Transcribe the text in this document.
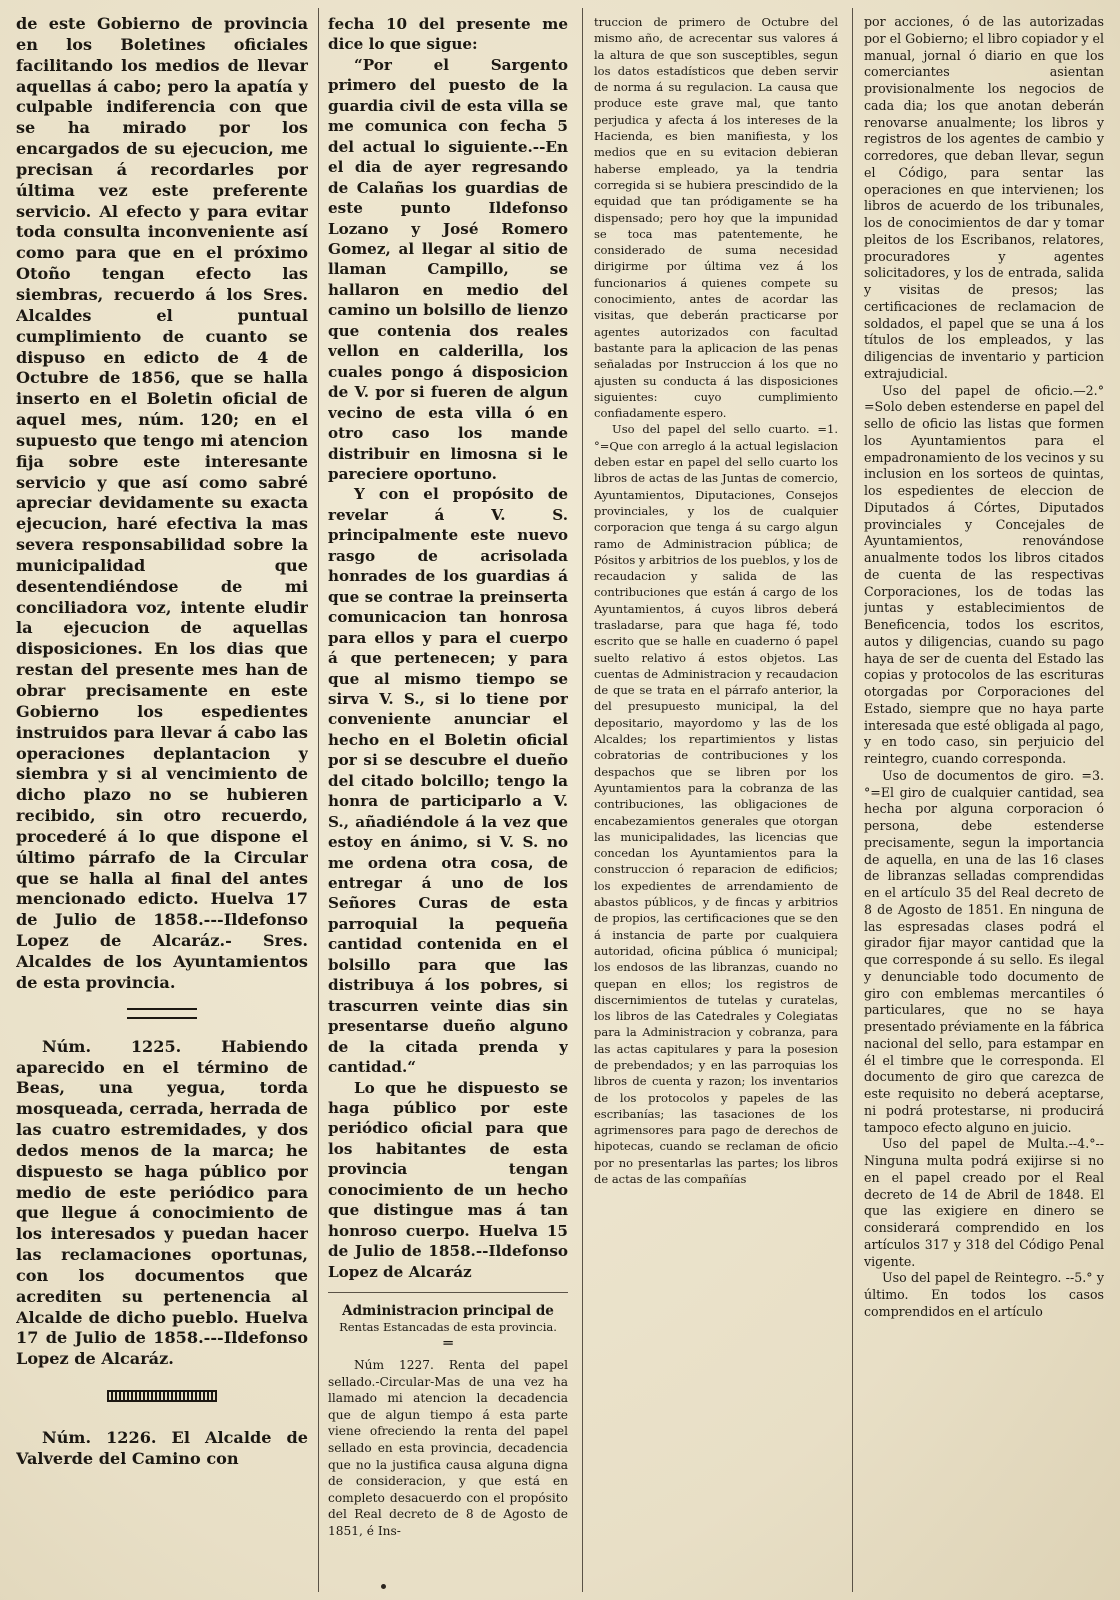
de este Gobierno de provincia en los Boletines oficiales facilitando los medios de llevar aquellas á cabo; pero la apatía y culpable indiferencia con que se ha mirado por los encargados de su ejecucion, me precisan á recordarles por última vez este preferente servicio. Al efecto y para evitar toda consulta inconveniente así como para que en el próximo Otoño tengan efecto las siembras, recuerdo á los Sres. Alcaldes el puntual cumplimiento de cuanto se dispuso en edicto de 4 de Octubre de 1856, que se halla inserto en el Boletin oficial de aquel mes, núm. 120; en el supuesto que tengo mi atencion fija sobre este interesante servicio y que así como sabré apreciar devidamente su exacta ejecucion, haré efectiva la mas severa responsabilidad sobre la municipalidad que desentendiéndose de mi conciliadora voz, intente eludir la ejecucion de aquellas disposiciones. En los dias que restan del presente mes han de obrar precisamente en este Gobierno los espedientes instruidos para llevar á cabo las operaciones deplantacion y siembra y si al vencimiento de dicho plazo no se hubieren recibido, sin otro recuerdo, procederé á lo que dispone el último párrafo de la Circular que se halla al final del antes mencionado edicto. Huelva 17 de Julio de 1858.---Ildefonso Lopez de Alcaráz.- Sres. Alcaldes de los Ayuntamientos de esta provincia.

Núm. 1225. Habiendo aparecido en el término de Beas, una yegua, torda mosqueada, cerrada, herrada de las cuatro estremidades, y dos dedos menos de la marca; he dispuesto se haga público por medio de este periódico para que llegue á conocimiento de los interesados y puedan hacer las reclamaciones oportunas, con los documentos que acrediten su pertenencia al Alcalde de dicho pueblo. Huelva 17 de Julio de 1858.---Ildefonso Lopez de Alcaráz.

Núm. 1226. El Alcalde de Valverde del Camino con

fecha 10 del presente me dice lo que sigue:

“Por el Sargento primero del puesto de la guardia civil de esta villa se me comunica con fecha 5 del actual lo siguiente.--En el dia de ayer regresando de Calañas los guardias de este punto Ildefonso Lozano y José Romero Gomez, al llegar al sitio de llaman Campillo, se hallaron en medio del camino un bolsillo de lienzo que contenia dos reales vellon en calderilla, los cuales pongo á disposicion de V. por si fueren de algun vecino de esta villa ó en otro caso los mande distribuir en limosna si le pareciere oportuno.

Y con el propósito de revelar á V. S. principalmente este nuevo rasgo de acrisolada honrades de los guardias á que se contrae la preinserta comunicacion tan honrosa para ellos y para el cuerpo á que pertenecen; y para que al mismo tiempo se sirva V. S., si lo tiene por conveniente anunciar el hecho en el Boletin oficial por si se descubre el dueño del citado bolcillo; tengo la honra de participarlo a V. S., añadiéndole á la vez que estoy en ánimo, si V. S. no me ordena otra cosa, de entregar á uno de los Señores Curas de esta parroquial la pequeña cantidad contenida en el bolsillo para que las distribuya á los pobres, si trascurren veinte dias sin presentarse dueño alguno de la citada prenda y cantidad.“

Lo que he dispuesto se haga público por este periódico oficial para que los habitantes de esta provincia tengan conocimiento de un hecho que distingue mas á tan honroso cuerpo. Huelva 15 de Julio de 1858.--Ildefonso Lopez de Alcaráz

Administracion principal de
Rentas Estancadas de esta provincia.
═

Núm 1227. Renta del papel sellado.-Circular-Mas de una vez ha llamado mi atencion la decadencia que de algun tiempo á esta parte viene ofreciendo la renta del papel sellado en esta provincia, decadencia que no la justifica causa alguna digna de consideracion, y que está en completo desacuerdo con el propósito del Real decreto de 8 de Agosto de 1851, é Ins-

truccion de primero de Octubre del mismo año, de acrecentar sus valores á la altura de que son susceptibles, segun los datos estadísticos que deben servir de norma á su regulacion. La causa que produce este grave mal, que tanto perjudica y afecta á los intereses de la Hacienda, es bien manifiesta, y los medios que en su evitacion debieran haberse empleado, ya la tendria corregida si se hubiera prescindido de la equidad que tan pródigamente se ha dispensado; pero hoy que la impunidad se toca mas patentemente, he considerado de suma necesidad dirigirme por última vez á los funcionarios á quienes compete su conocimiento, antes de acordar las visitas, que deberán practicarse por agentes autorizados con facultad bastante para la aplicacion de las penas señaladas por Instruccion á los que no ajusten su conducta á las disposiciones siguientes: cuyo cumplimiento confiadamente espero.

Uso del papel del sello cuarto. =1.°=Que con arreglo á la actual legislacion deben estar en papel del sello cuarto los libros de actas de las Juntas de comercio, Ayuntamientos, Diputaciones, Consejos provinciales, y los de cualquier corporacion que tenga á su cargo algun ramo de Administracion pública; de Pósitos y arbitrios de los pueblos, y los de recaudacion y salida de las contribuciones que están á cargo de los Ayuntamientos, á cuyos libros deberá trasladarse, para que haga fé, todo escrito que se halle en cuaderno ó papel suelto relativo á estos objetos. Las cuentas de Administracion y recaudacion de que se trata en el párrafo anterior, la del presupuesto municipal, la del depositario, mayordomo y las de los Alcaldes; los repartimientos y listas cobratorias de contribuciones y los despachos que se libren por los Ayuntamientos para la cobranza de las contribuciones, las obligaciones de encabezamientos generales que otorgan las municipalidades, las licencias que concedan los Ayuntamientos para la construccion ó reparacion de edificios; los expedientes de arrendamiento de abastos públicos, y de fincas y arbitrios de propios, las certificaciones que se den á instancia de parte por cualquiera autoridad, oficina pública ó municipal; los endosos de las libranzas, cuando no quepan en ellos; los registros de discernimientos de tutelas y curatelas, los libros de las Catedrales y Colegiatas para la Administracion y cobranza, para las actas capitulares y para la posesion de prebendados; y en las parroquias los libros de cuenta y razon; los inventarios de los protocolos y papeles de las escribanías; las tasaciones de los agrimensores para pago de derechos de hipotecas, cuando se reclaman de oficio por no presentarlas las partes; los libros de actas de las compañías

por acciones, ó de las autorizadas por el Gobierno; el libro copiador y el manual, jornal ó diario en que los comerciantes asientan provisionalmente los negocios de cada dia; los que anotan deberán renovarse anualmente; los libros y registros de los agentes de cambio y corredores, que deban llevar, segun el Código, para sentar las operaciones en que intervienen; los libros de acuerdo de los tribunales, los de conocimientos de dar y tomar pleitos de los Escribanos, relatores, procuradores y agentes solicitadores, y los de entrada, salida y visitas de presos; las certificaciones de reclamacion de soldados, el papel que se una á los títulos de los empleados, y las diligencias de inventario y particion extrajudicial.

Uso del papel de oficio.—2.° =Solo deben estenderse en papel del sello de oficio las listas que formen los Ayuntamientos para el empadronamiento de los vecinos y su inclusion en los sorteos de quintas, los espedientes de eleccion de Diputados á Córtes, Diputados provinciales y Concejales de Ayuntamientos, renovándose anualmente todos los libros citados de cuenta de las respectivas Corporaciones, los de todas las juntas y establecimientos de Beneficencia, todos los escritos, autos y diligencias, cuando su pago haya de ser de cuenta del Estado las copias y protocolos de las escrituras otorgadas por Corporaciones del Estado, siempre que no haya parte interesada que esté obligada al pago, y en todo caso, sin perjuicio del reintegro, cuando corresponda.

Uso de documentos de giro. =3.°=El giro de cualquier cantidad, sea hecha por alguna corporacion ó persona, debe estenderse precisamente, segun la importancia de aquella, en una de las 16 clases de libranzas selladas comprendidas en el artículo 35 del Real decreto de 8 de Agosto de 1851. En ninguna de las espresadas clases podrá el girador fijar mayor cantidad que la que corresponde á su sello. Es ilegal y denunciable todo documento de giro con emblemas mercantiles ó particulares, que no se haya presentado préviamente en la fábrica nacional del sello, para estampar en él el timbre que le corresponda. El documento de giro que carezca de este requisito no deberá aceptarse, ni podrá protestarse, ni producirá tampoco efecto alguno en juicio.

Uso del papel de Multa.--4.°-- Ninguna multa podrá exijirse si no en el papel creado por el Real decreto de 14 de Abril de 1848. El que las exigiere en dinero se considerará comprendido en los artículos 317 y 318 del Código Penal vigente.

Uso del papel de Reintegro. --5.° y último. En todos los casos comprendidos en el artículo
